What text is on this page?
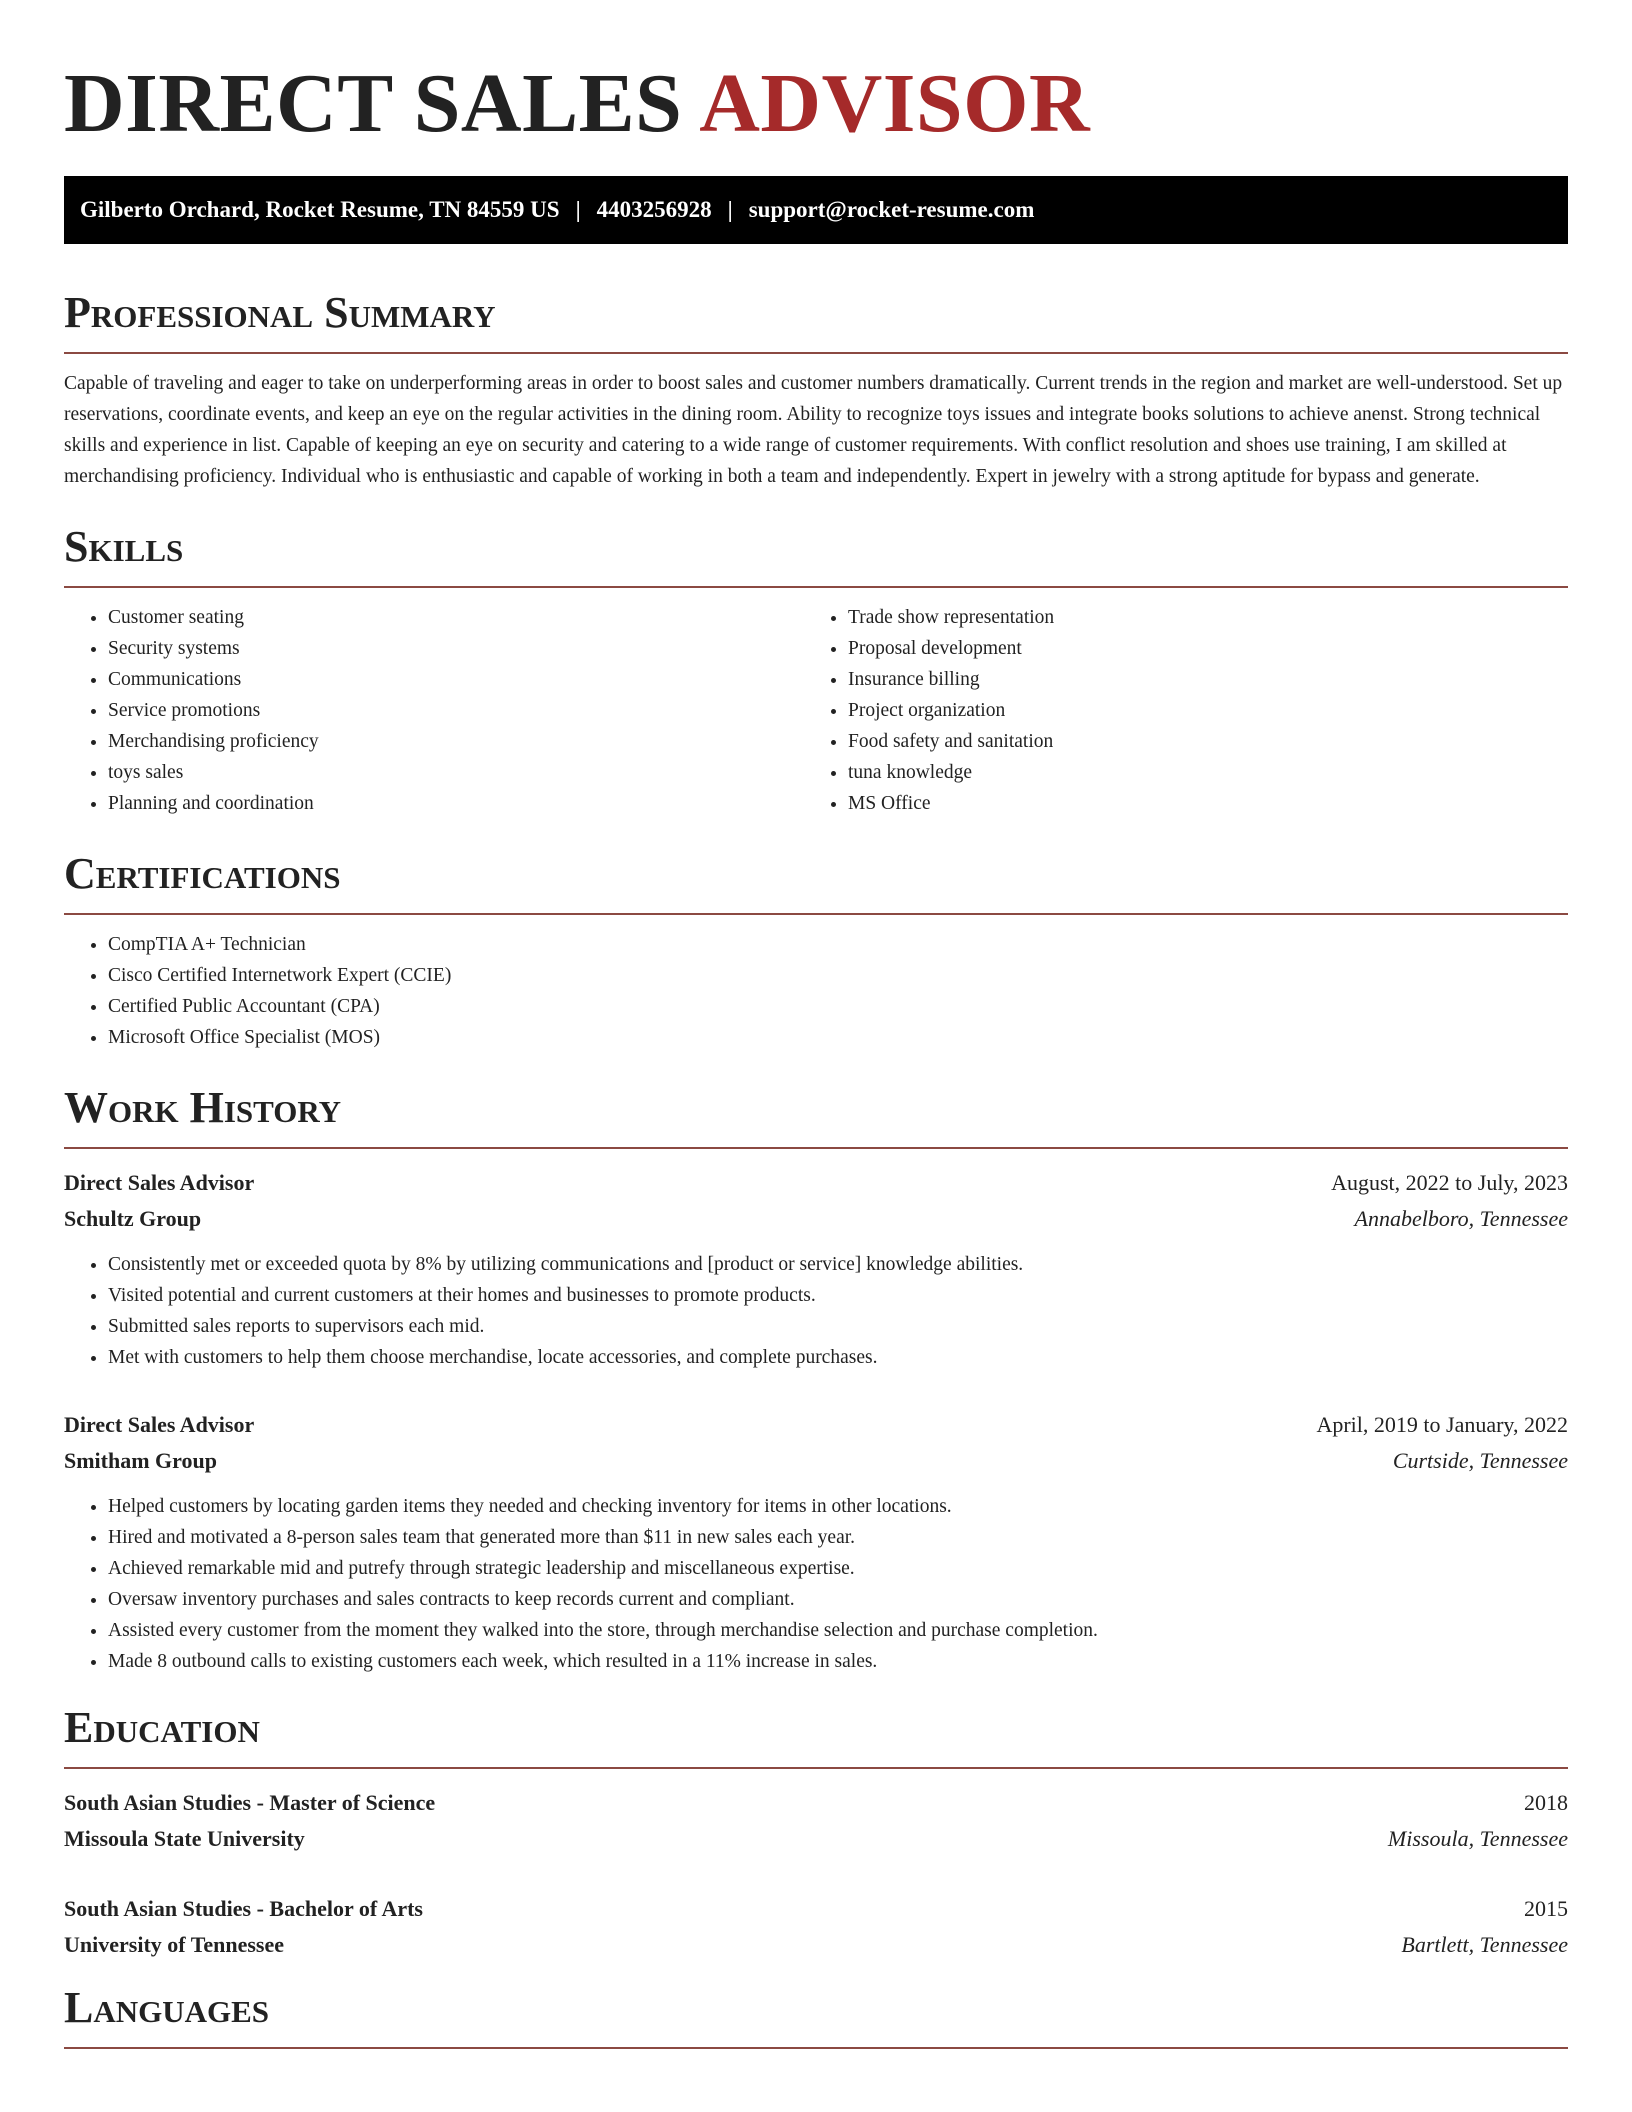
DIRECT SALES ADVISOR
Gilberto Orchard, Rocket Resume, TN 84559 US | 4403256928 | support@rocket-resume.com
Professional Summary

Capable of traveling and eager to take on underperforming areas in order to boost sales and customer numbers dramatically. Current trends in the region and market are well-understood. Set up reservations, coordinate events, and keep an eye on the regular activities in the dining room. Ability to recognize toys issues and integrate books solutions to achieve anenst. Strong technical skills and experience in list. Capable of keeping an eye on security and catering to a wide range of customer requirements. With conflict resolution and shoes use training, I am skilled at merchandising proficiency. Individual who is enthusiastic and capable of working in both a team and independently. Expert in jewelry with a strong aptitude for bypass and generate.

Skills
• Customer seating
• Security systems
• Communications
• Service promotions
• Merchandising proficiency
• toys sales
• Planning and coordination
• Trade show representation
• Proposal development
• Insurance billing
• Project organization
• Food safety and sanitation
• tuna knowledge
• MS Office
Certifications
• CompTIA A+ Technician
• Cisco Certified Internetwork Expert (CCIE)
• Certified Public Accountant (CPA)
• Microsoft Office Specialist (MOS)
Work History
Direct Sales Advisor	August, 2022 to July, 2023
Schultz Group	Annabelboro, Tennessee
• Consistently met or exceeded quota by 8% by utilizing communications and [product or service] knowledge abilities.
• Visited potential and current customers at their homes and businesses to promote products.
• Submitted sales reports to supervisors each mid.
• Met with customers to help them choose merchandise, locate accessories, and complete purchases.
Direct Sales Advisor	April, 2019 to January, 2022
Smitham Group	Curtside, Tennessee
• Helped customers by locating garden items they needed and checking inventory for items in other locations.
• Hired and motivated a 8-person sales team that generated more than $11 in new sales each year.
• Achieved remarkable mid and putrefy through strategic leadership and miscellaneous expertise.
• Oversaw inventory purchases and sales contracts to keep records current and compliant.
• Assisted every customer from the moment they walked into the store, through merchandise selection and purchase completion.
• Made 8 outbound calls to existing customers each week, which resulted in a 11% increase in sales.
Education
South Asian Studies - Master of Science	2018
Missoula State University	Missoula, Tennessee
South Asian Studies - Bachelor of Arts	2015
University of Tennessee	Bartlett, Tennessee
Languages
